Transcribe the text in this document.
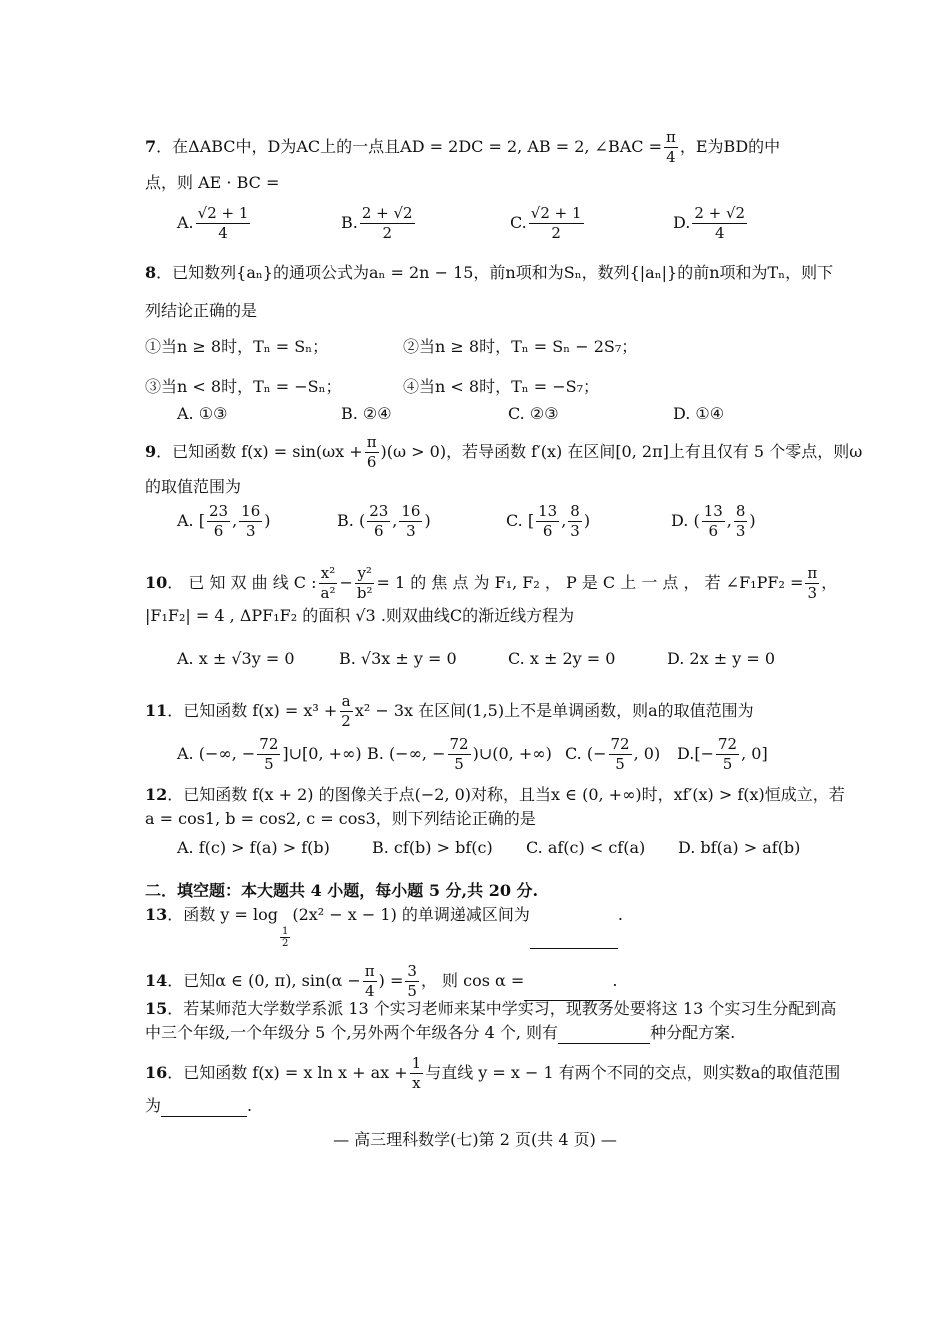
7．在ΔABC中，D为AC上的一点且AD = 2DC = 2, AB = 2, ∠BAC = $\frac{\pi}{4}$ ，E为BD的中
点，则 AE · BC =
A. $\frac{√2 + 1}{4}$	B. $\frac{2 + √2}{2}$	C. $\frac{√2 + 1}{2}$	D. $\frac{2 + √2}{4}$
8．已知数列{aₙ}的通项公式为aₙ = 2n − 15，前n项和为Sₙ，数列{|aₙ|}的前n项和为Tₙ，则下
列结论正确的是
①当n ≥ 8时，Tₙ = Sₙ；	②当n ≥ 8时，Tₙ = Sₙ − 2S₇；
③当n < 8时，Tₙ = −Sₙ；	④当n < 8时，Tₙ = −S₇；
A. ①③	B. ②④	C. ②③	D. ①④
9．已知函数 $f(x) = \sin(\omega x + \frac{\pi}{6} )(\omega > 0)$，若导函数 f′(x) 在区间[0, 2π]上有且仅有 5 个零点，则ω
的取值范围为
A. [ $\frac{23}{6}$ , $\frac{16}{3}$ )	B. ( $\frac{23}{6}$ , $\frac{16}{3}$ )	C. [ $\frac{13}{6}$ , $\frac{8}{3}$ )	D. ( $\frac{13}{6}$ , $\frac{8}{3}$ )
10． 已 知 双 曲 线 C : $\frac{\text{x²}}{\text{a²}} - \frac{\text{y²}}{\text{b²}} = 1$ 的 焦 点 为 F₁, F₂ ， P 是 C 上 一 点 ， 若 ∠F₁PF₂ = $\frac{\pi}{3}$ ，
|F₁F₂| = 4 , ΔPF₁F₂ 的面积 √3 .则双曲线C的渐近线方程为
A. x ± √3y = 0	B. √3x ± y = 0	C. x ± 2y = 0	D. 2x ± y = 0
11．已知函数 $f(x) = x^3 + \frac{a}{2} x^2 - 3x$ 在区间(1,5)上不是单调函数，则a的取值范围为
A. (−∞, − $\frac{72}{5}$ ]∪[0, +∞) B. (−∞, − $\frac{72}{5}$ )∪(0, +∞) C. (− $\frac{72}{5}$ , 0) $D.[- \frac{72}{5}$ , 0]
12．已知函数 f(x + 2) 的图像关于点(−2, 0)对称，且当x ∈ (0, +∞)时，xf′(x) > f(x)恒成立，若
a = cos1, b = cos2, c = cos3，则下列结论正确的是
A. f(c) > f(a) > f(b)	B. cf(b) > bf(c) C. af(c) < cf(a) D. bf(a) > af(b)
二．填空题：本大题共 4 小题，每小题 5 分,共 20 分.
13．函数 y = log
$\frac{1}{2}$
(2x² − x − 1) 的单调递减区间为	.
14．已知α ∈ (0, π), $\sin(\alpha - \frac{\pi}{4}$ ) = $\frac{3}{5}$ ， 则 cos α =	.
15．若某师范大学数学系派 13 个实习老师来某中学实习，现教务处要将这 13 个实习生分配到高
中三个年级,一个年级分 5 个,另外两个年级各分 4 个, 则有	种分配方案.
16．已知函数 f(x) = x ln x + ax + $\frac{1}{x}$ 与直线 y = x − 1 有两个不同的交点，则实数a的取值范围
为	.
— 高三理科数学(七)第 2 页(共 4 页) —
